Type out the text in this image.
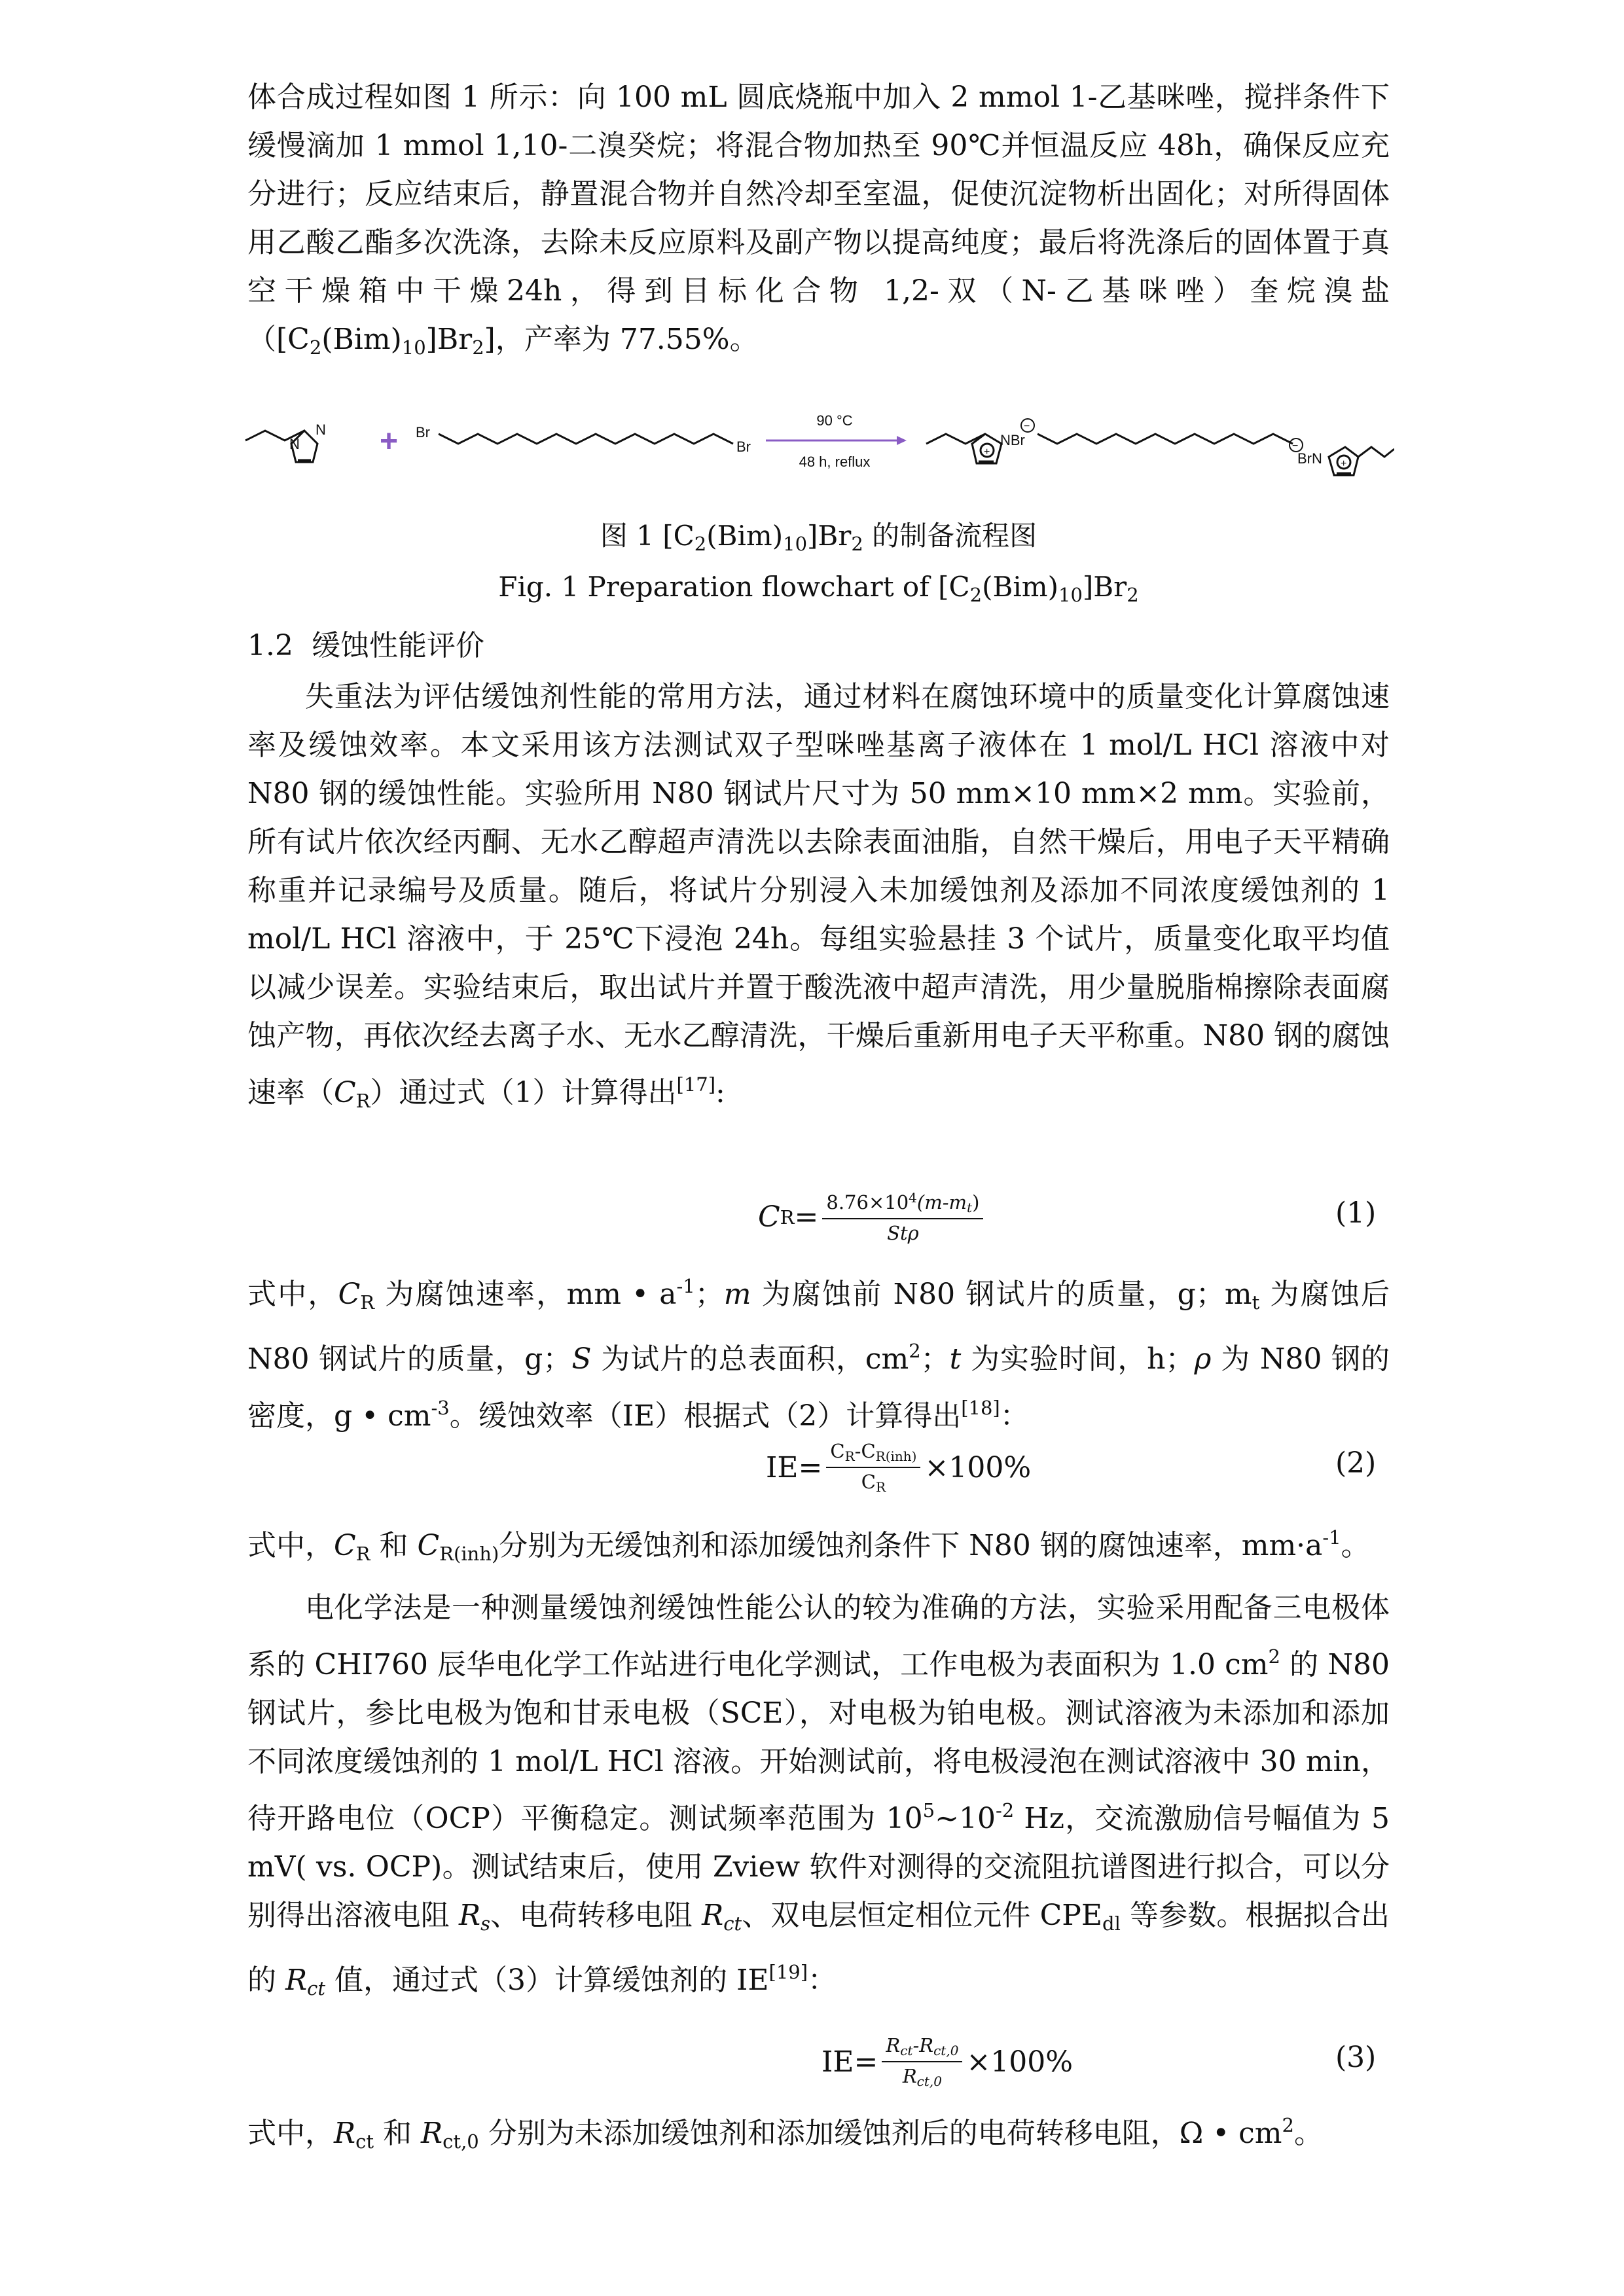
体合成过程如图 1 所示：向 100 mL 圆底烧瓶中加入 2 mmol 1-乙基咪唑，搅拌条件下缓慢滴加 1 mmol 1,10-二溴癸烷；将混合物加热至 90℃并恒温反应 48h，确保反应充分进行；反应结束后，静置混合物并自然冷却至室温，促使沉淀物析出固化；对所得固体用乙酸乙酯多次洗涤，去除未反应原料及副产物以提高纯度；最后将洗涤后的固体置于真空干燥箱中干燥24h，得到目标化合物 1,2-双（N-乙基咪唑）奎烷溴盐$([C_2(Bim)_{10}]Br_2]$，产率为 77.55%。

N
N	+ Br
Br
90 °C
48 h, reflux
+
NBr
−
−
BrN +

图 1 $[C_2(Bim)_{10}]Br_2$ 的制备流程图

Fig. 1 Preparation flowchart of $[C_2(Bim)_{10}]Br_2$

1.2 缓蚀性能评价

失重法为评估缓蚀剂性能的常用方法，通过材料在腐蚀环境中的质量变化计算腐蚀速率及缓蚀效率。本文采用该方法测试双子型咪唑基离子液体在 1 mol/L HCl 溶液中对 N80 钢的缓蚀性能。实验所用 N80 钢试片尺寸为 50 mm×10 mm×2 mm。实验前，所有试片依次经丙酮、无水乙醇超声清洗以去除表面油脂，自然干燥后，用电子天平精确称重并记录编号及质量。随后，将试片分别浸入未加缓蚀剂及添加不同浓度缓蚀剂的 1 mol/L HCl 溶液中，于 25℃下浸泡 24h。每组实验悬挂 3 个试片，质量变化取平均值以减少误差。实验结束后，取出试片并置于酸洗液中超声清洗，用少量脱脂棉擦除表面腐蚀产物，再依次经去离子水、无水乙醇清洗，干燥后重新用电子天平称重。N80 钢的腐蚀速率$(C_R)$通过式（1）计算得出[17]:

C $R = \frac{8.76\times 10^4(m-mt)}{\text{Stρ}}$	(1)

式中，$C_R$ 为腐蚀速率，mm • $a^{-1}$；m 为腐蚀前 N80 钢试片的质量，g；$m_t$ 为腐蚀后 N80 钢试片的质量，g；S 为试片的总表面积，$cm^2$；t 为实验时间，h；ρ 为 N80 钢的密度，g • $cm^{-3}$。缓蚀效率（IE）根据式（2）计算得出[18]：

$IE= \frac{\text{CR-CR(inh)}}{CR} \times 100\%$	(2)

式中，$C_R$ 和 $C_{R(inh)}$分别为无缓蚀剂和添加缓蚀剂条件下 N80 钢的腐蚀速率，$mm\cdot a^{-1}$。

电化学法是一种测量缓蚀剂缓蚀性能公认的较为准确的方法，实验采用配备三电极体系的 CHI760 辰华电化学工作站进行电化学测试，工作电极为表面积为 1.0 $cm^2$ 的 N80 钢试片，参比电极为饱和甘汞电极（SCE），对电极为铂电极。测试溶液为未添加和添加不同浓度缓蚀剂的 1 mol/L HCl 溶液。开始测试前，将电极浸泡在测试溶液中 30 min，待开路电位（OCP）平衡稳定。测试频率范围为 $10^5\sim 10^{-2}$ Hz，交流激励信号幅值为 5 mV( vs. OCP)。测试结束后，使用 Zview 软件对测得的交流阻抗谱图进行拟合，可以分别得出溶液电阻 $R_s$、电荷转移电阻 $R_{ct}$、双电层恒定相位元件 $CPE_{dl}$ 等参数。根据拟合出的 $R_{ct}$ 值，通过式（3）计算缓蚀剂的 IE[19]：

$IE= \frac{\text{Rct-Rct,0}}{\text{Rct,0}} \times 100\%$	(3)

式中，$R_{ct}$ 和 $R_{ct,0}$ 分别为未添加缓蚀剂和添加缓蚀剂后的电荷转移电阻，Ω • $cm^2$。
